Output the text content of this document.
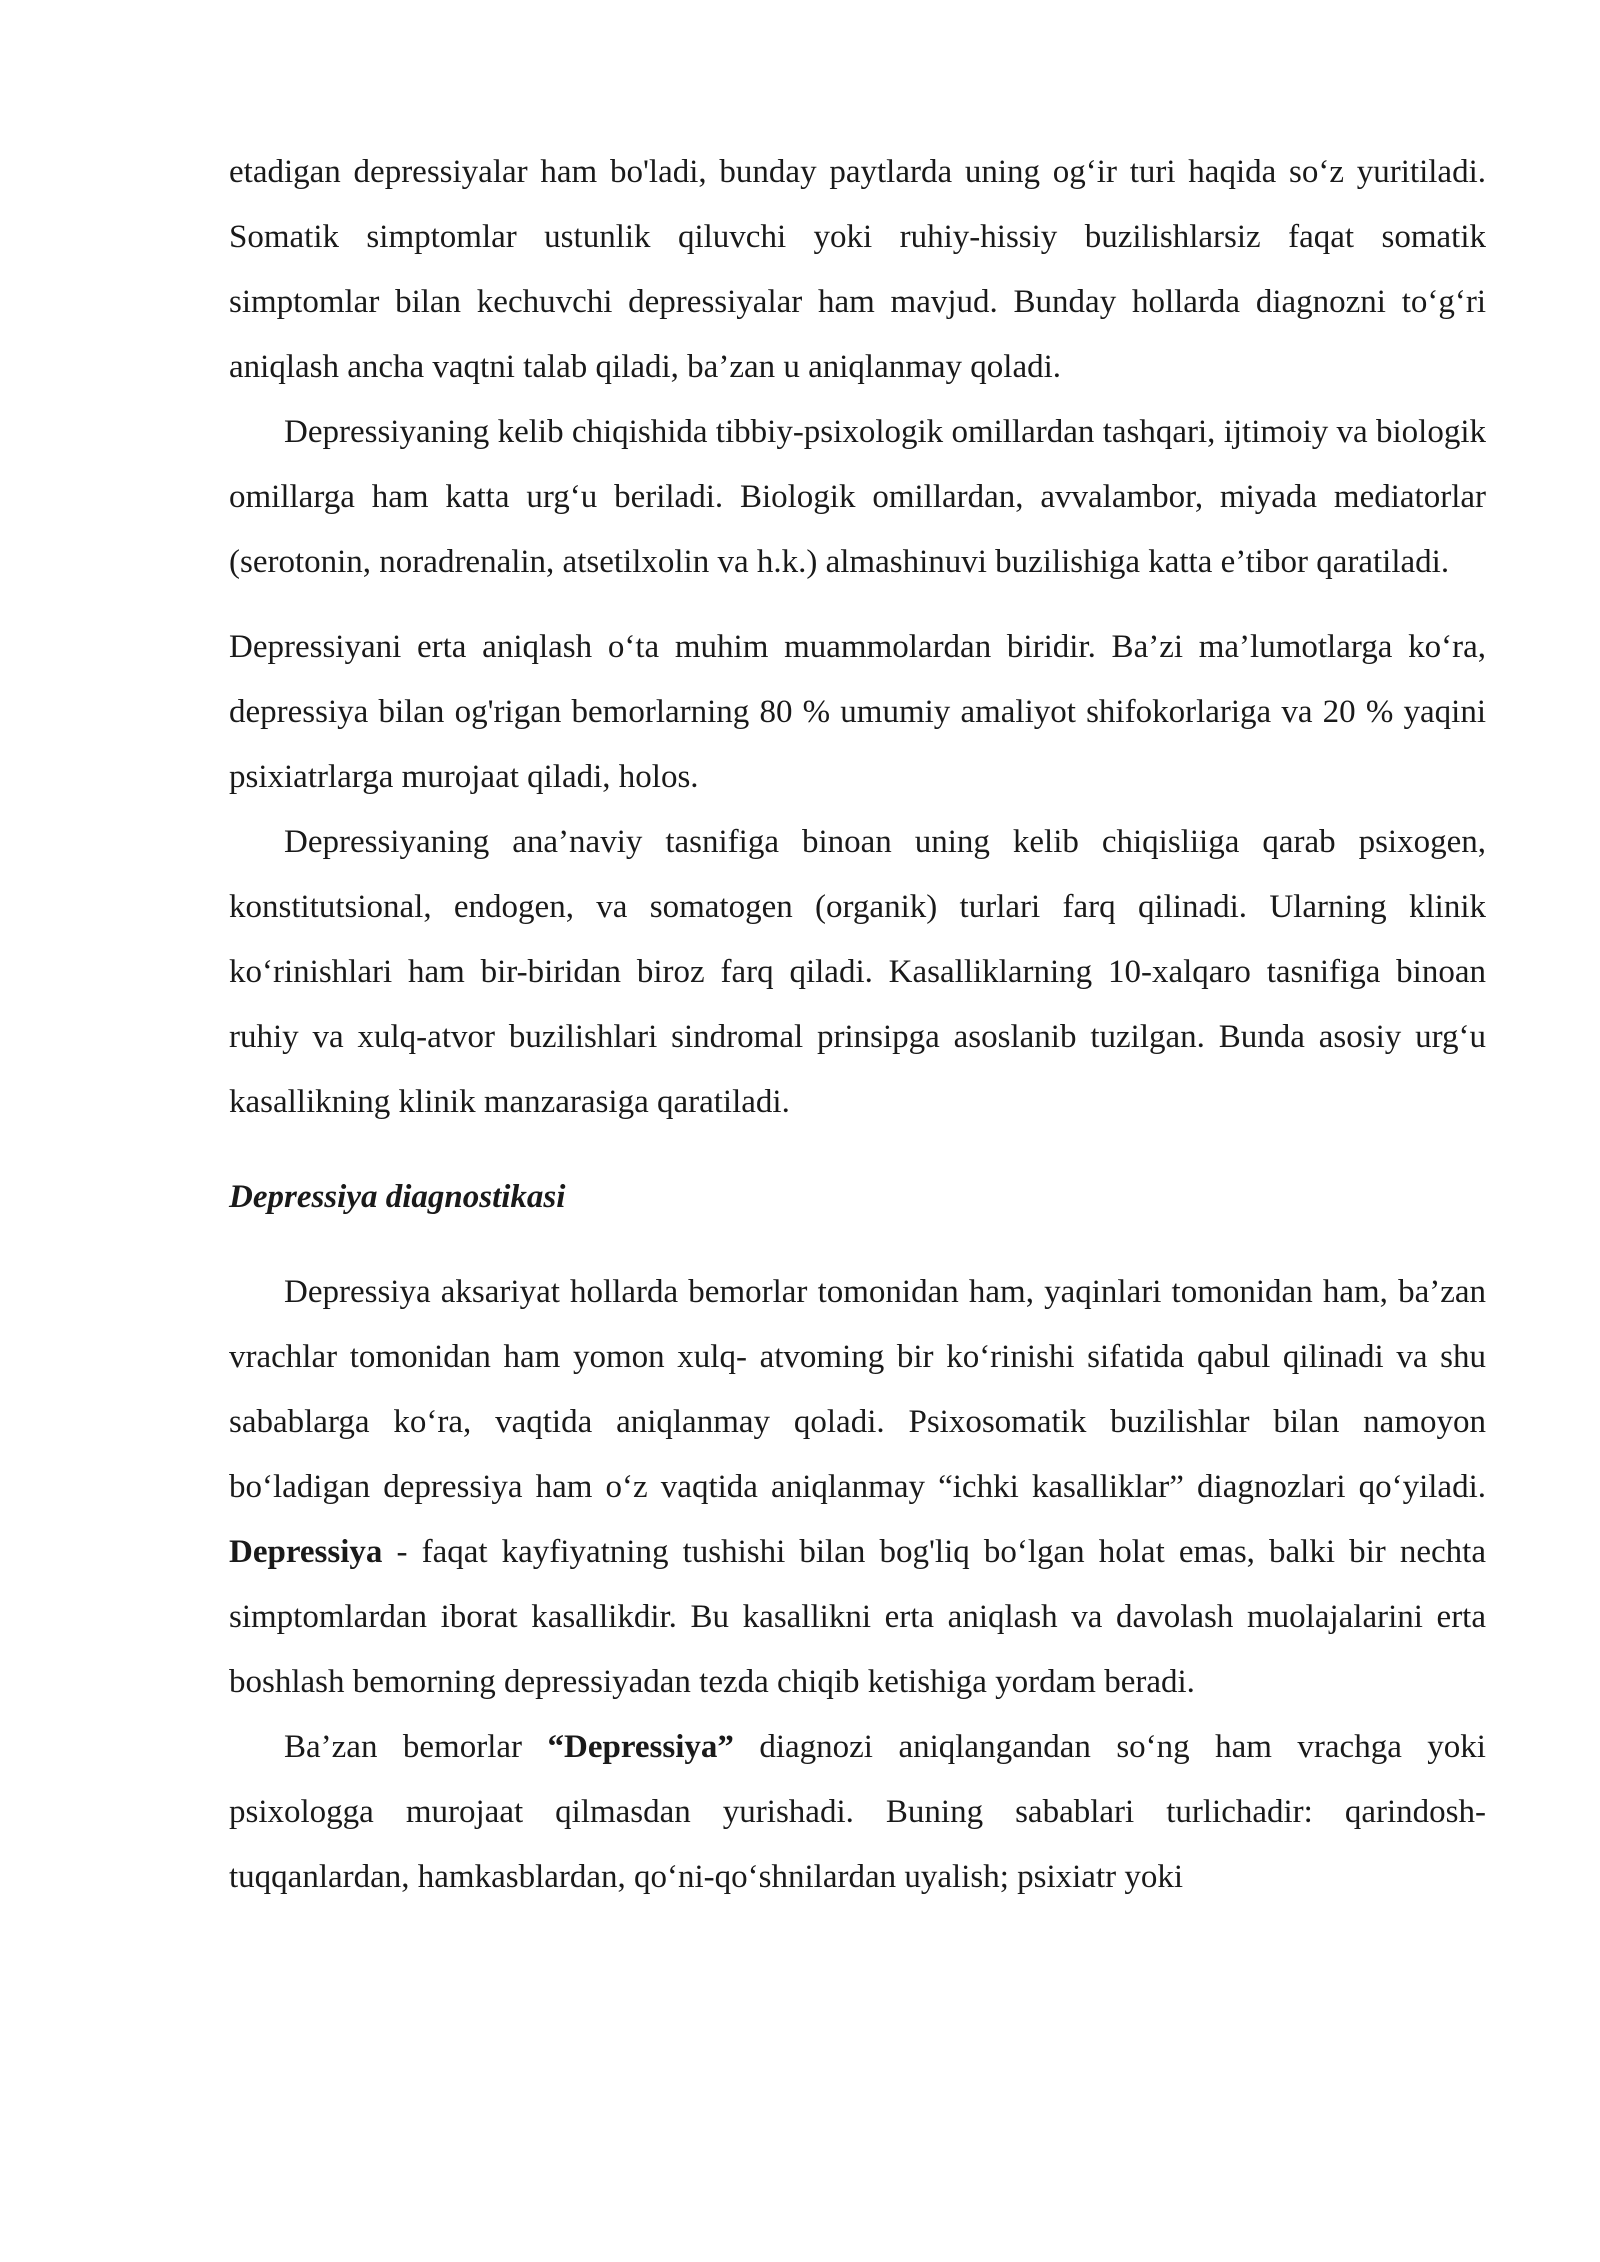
etadigan depressiyalar ham bo'ladi, bunday paytlarda uning og‘ir turi haqida so‘z yuritiladi. Somatik simptomlar ustunlik qiluvchi yoki ruhiy-hissiy buzilishlarsiz faqat somatik simptomlar bilan kechuvchi depressiyalar ham mavjud. Bunday hollarda diagnozni to‘g‘ri aniqlash ancha vaqtni talab qiladi, ba’zan u aniqlanmay qoladi.

Depressiyaning kelib chiqishida tibbiy-psixologik omillardan tashqari, ijtimoiy va biologik omillarga ham katta urg‘u beriladi. Biologik omillardan, avvalambor, miyada mediatorlar (serotonin, noradrenalin, atsetilxolin va h.k.) almashinuvi buzilishiga katta e’tibor qaratiladi.

Depressiyani erta aniqlash o‘ta muhim muammolardan biridir. Ba’zi ma’lumotlarga ko‘ra, depressiya bilan og'rigan bemorlarning 80 % umumiy amaliyot shifokorlariga va 20 % yaqini psixiatrlarga murojaat qiladi, holos.

Depressiyaning ana’naviy tasnifiga binoan uning kelib chiqisliiga qarab psixogen, konstitutsional, endogen, va somatogen (organik) turlari farq qilinadi. Ularning klinik ko‘rinishlari ham bir-biridan biroz farq qiladi. Kasalliklarning 10-xalqaro tasnifiga binoan ruhiy va xulq-atvor buzilishlari sindromal prinsipga asoslanib tuzilgan. Bunda asosiy urg‘u kasallikning klinik manzarasiga qaratiladi.

Depressiya diagnostikasi

Depressiya aksariyat hollarda bemorlar tomonidan ham, yaqinlari tomonidan ham, ba’zan vrachlar tomonidan ham yomon xulq- atvoming bir ko‘rinishi sifatida qabul qilinadi va shu sabablarga ko‘ra, vaqtida aniqlanmay qoladi. Psixosomatik buzilishlar bilan namoyon bo‘ladigan depressiya ham o‘z vaqtida aniqlanmay “ichki kasalliklar” diagnozlari qo‘yiladi. Depressiya - faqat kayfiyatning tushishi bilan bog'liq bo‘lgan holat emas, balki bir nechta simptomlardan iborat kasallikdir. Bu kasallikni erta aniqlash va davolash muolajalarini erta boshlash bemorning depressiyadan tezda chiqib ketishiga yordam beradi.

Ba’zan bemorlar “Depressiya” diagnozi aniqlangandan so‘ng ham vrachga yoki psixologga murojaat qilmasdan yurishadi. Buning sabablari turlichadir: qarindosh-tuqqanlardan, hamkasblardan, qo‘ni-qo‘shnilardan uyalish; psixiatr yoki
